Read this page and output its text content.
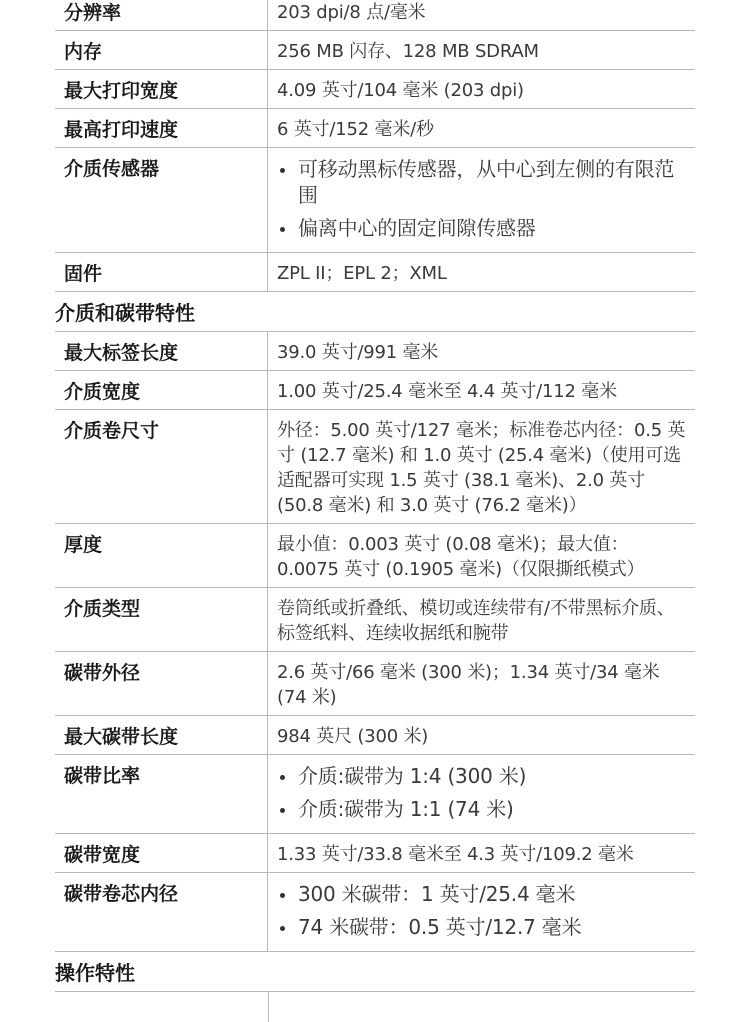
分辨率	203 dpi/8 点/毫米
内存	256 MB 闪存、128 MB SDRAM
最大打印宽度	4.09 英寸/104 毫米 (203 dpi)
最高打印速度	6 英寸/152 毫米/秒
介质传感器	可移动黑标传感器，从中心到左侧的有限范围
偏离中心的固定间隙传感器
固件	ZPL II；EPL 2；XML
介质和碳带特性
最大标签长度	39.0 英寸/991 毫米
介质宽度	1.00 英寸/25.4 毫米至 4.4 英寸/112 毫米
介质卷尺寸	外径：5.00 英寸/127 毫米；标准卷芯内径：0.5 英寸 (12.7 毫米) 和 1.0 英寸 (25.4 毫米)（使用可选适配器可实现 1.5 英寸 (38.1 毫米)、2.0 英寸 (50.8 毫米) 和 3.0 英寸 (76.2 毫米)）
厚度	最小值：0.003 英寸 (0.08 毫米)；最大值：0.0075 英寸 (0.1905 毫米)（仅限撕纸模式）
介质类型	卷筒纸或折叠纸、模切或连续带有/不带黑标介质、标签纸料、连续收据纸和腕带
碳带外径	2.6 英寸/66 毫米 (300 米)；1.34 英寸/34 毫米 (74 米)
最大碳带长度	984 英尺 (300 米)
碳带比率	介质:碳带为 1:4 (300 米)
介质:碳带为 1:1 (74 米)
碳带宽度	1.33 英寸/33.8 毫米至 4.3 英寸/109.2 毫米
碳带卷芯内径	300 米碳带：1 英寸/25.4 毫米
74 米碳带：0.5 英寸/12.7 毫米
操作特性
